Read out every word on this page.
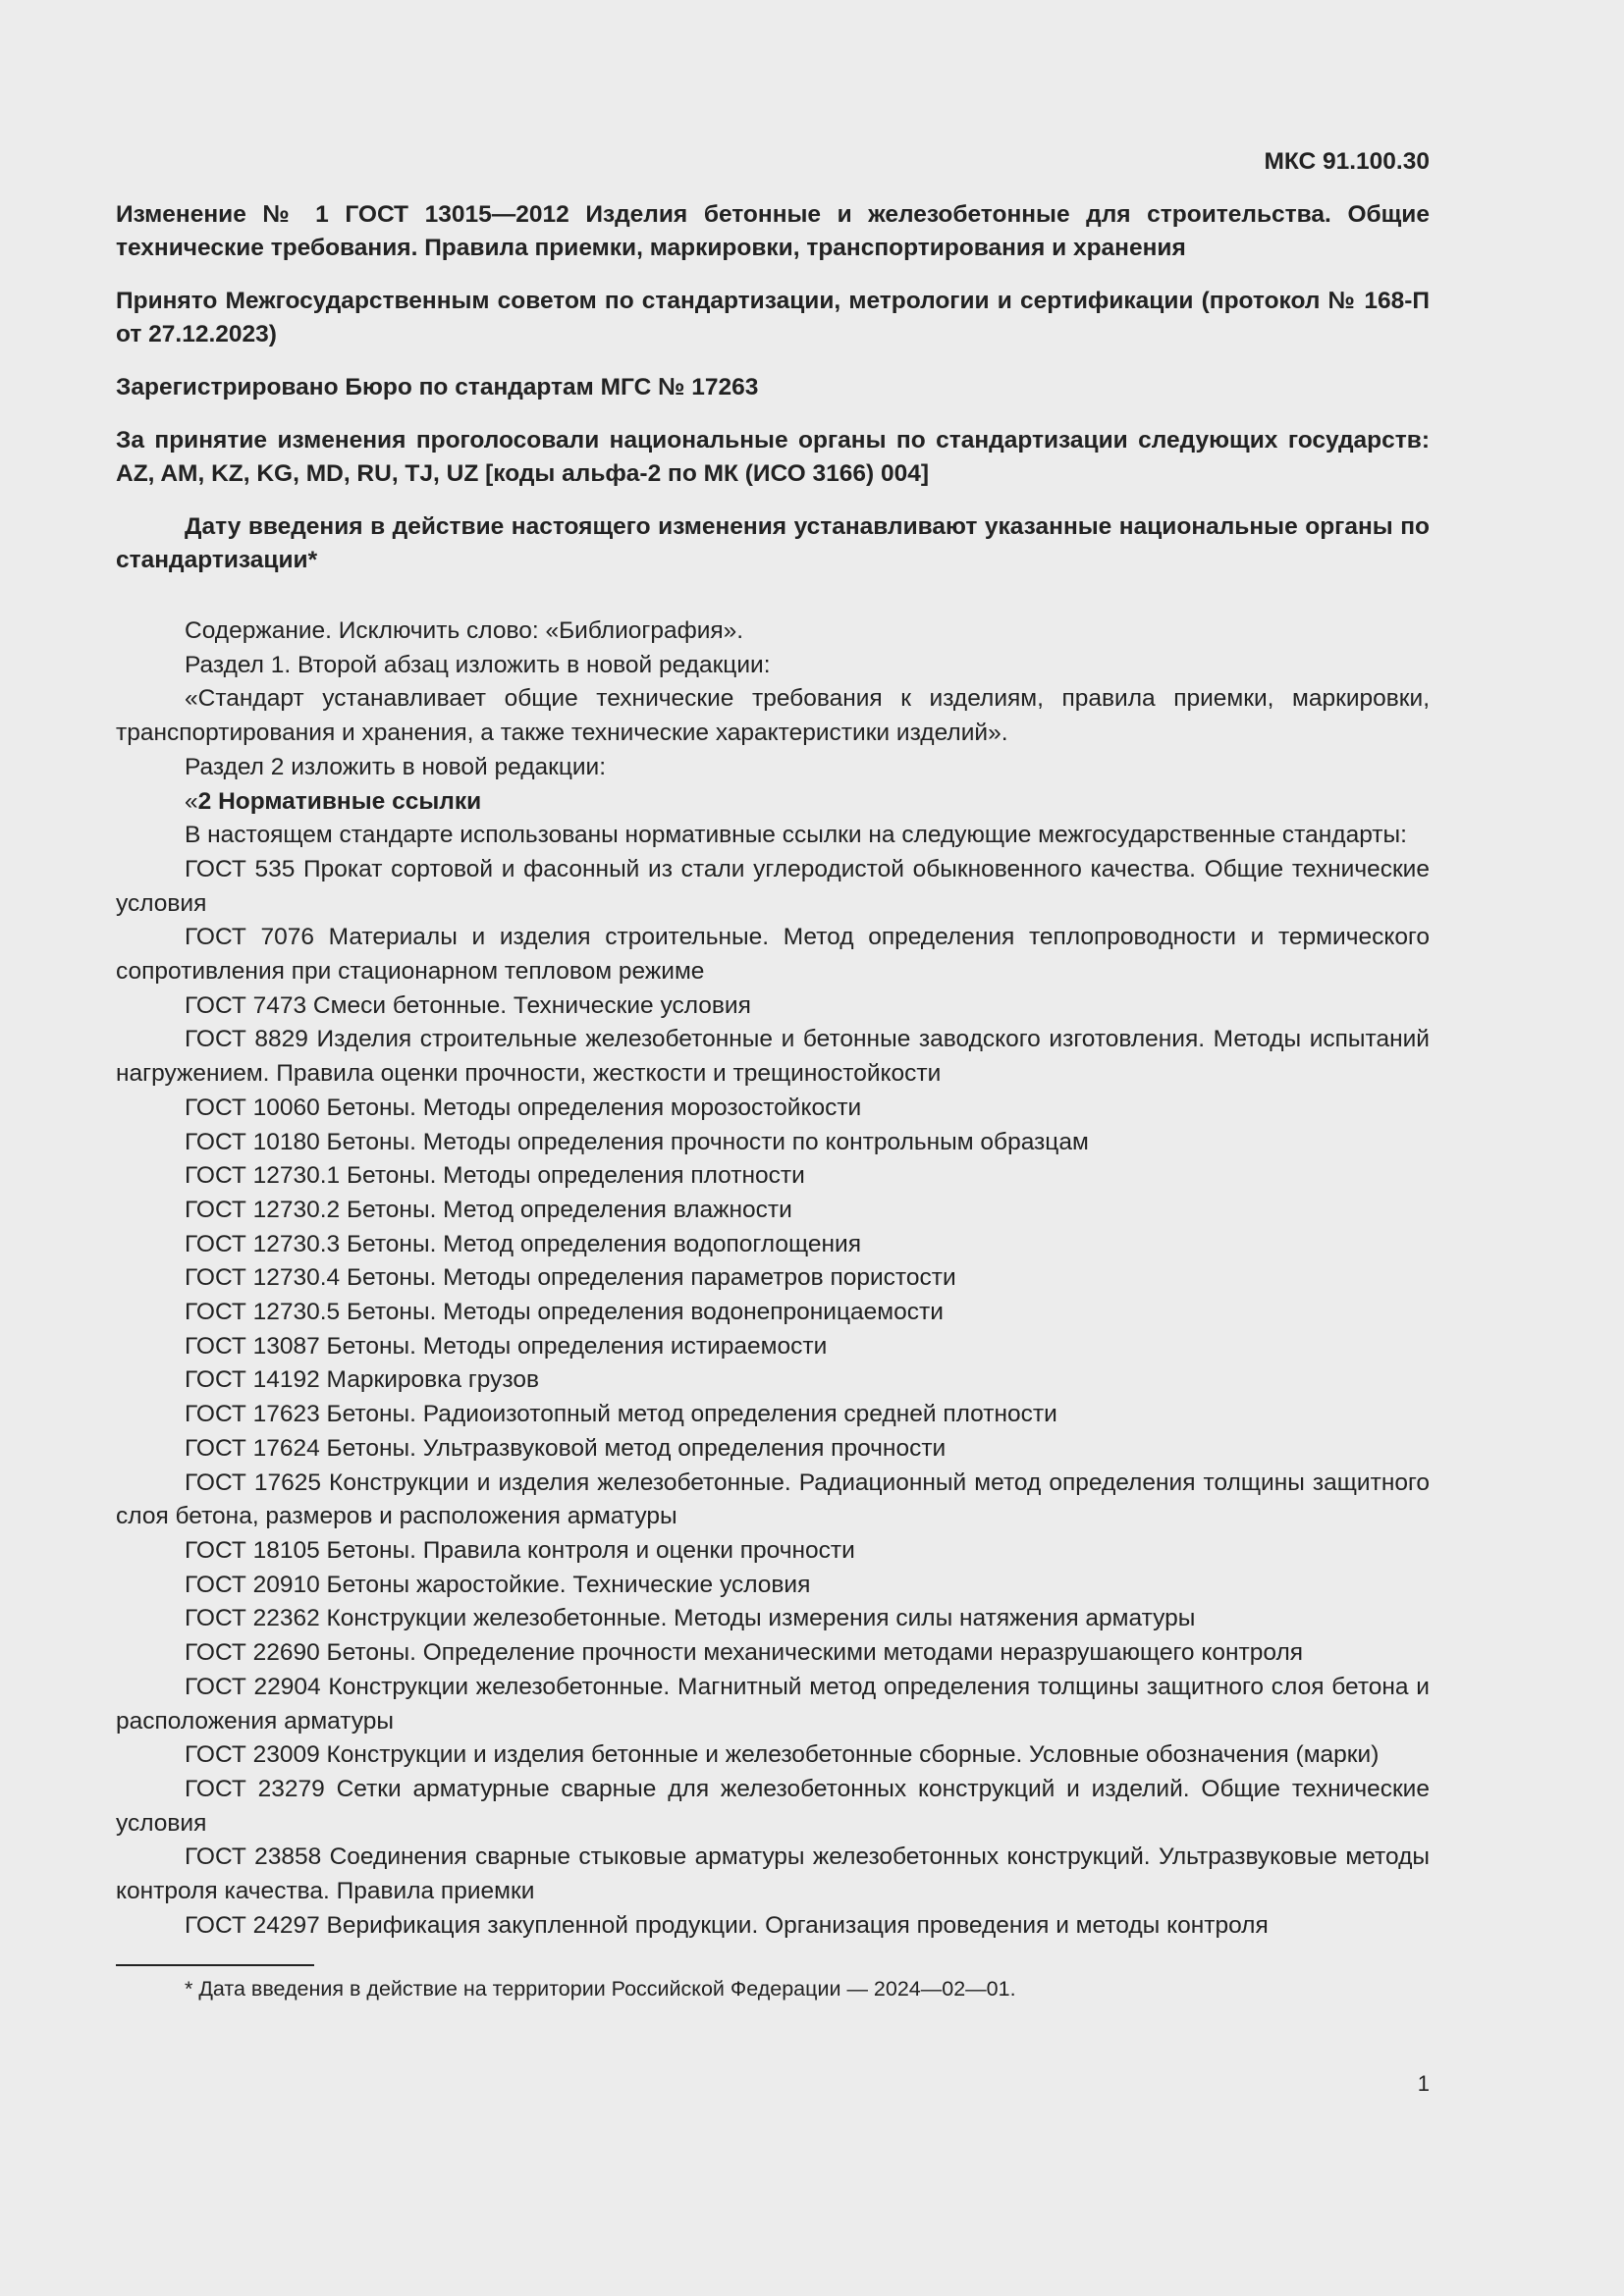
МКС 91.100.30
Изменение № 1 ГОСТ 13015—2012 Изделия бетонные и железобетонные для строительства. Общие технические требования. Правила приемки, маркировки, транспортирования и хранения
Принято Межгосударственным советом по стандартизации, метрологии и сертификации (протокол № 168-П от 27.12.2023)
Зарегистрировано Бюро по стандартам МГС № 17263
За принятие изменения проголосовали национальные органы по стандартизации следующих государств: AZ, AM, KZ, KG, MD, RU, TJ, UZ [коды альфа-2 по МК (ИСО 3166) 004]
Дату введения в действие настоящего изменения устанавливают указанные национальные органы по стандартизации*

Содержание. Исключить слово: «Библиография».

Раздел 1. Второй абзац изложить в новой редакции:

«Стандарт устанавливает общие технические требования к изделиям, правила приемки, маркировки, транспортирования и хранения, а также технические характеристики изделий».

Раздел 2 изложить в новой редакции:

«2 Нормативные ссылки

В настоящем стандарте использованы нормативные ссылки на следующие межгосударственные стандарты:

ГОСТ 535 Прокат сортовой и фасонный из стали углеродистой обыкновенного качества. Общие технические условия

ГОСТ 7076 Материалы и изделия строительные. Метод определения теплопроводности и термического сопротивления при стационарном тепловом режиме

ГОСТ 7473 Смеси бетонные. Технические условия

ГОСТ 8829 Изделия строительные железобетонные и бетонные заводского изготовления. Методы испытаний нагружением. Правила оценки прочности, жесткости и трещиностойкости

ГОСТ 10060 Бетоны. Методы определения морозостойкости

ГОСТ 10180 Бетоны. Методы определения прочности по контрольным образцам

ГОСТ 12730.1 Бетоны. Методы определения плотности

ГОСТ 12730.2 Бетоны. Метод определения влажности

ГОСТ 12730.3 Бетоны. Метод определения водопоглощения

ГОСТ 12730.4 Бетоны. Методы определения параметров пористости

ГОСТ 12730.5 Бетоны. Методы определения водонепроницаемости

ГОСТ 13087 Бетоны. Методы определения истираемости

ГОСТ 14192 Маркировка грузов

ГОСТ 17623 Бетоны. Радиоизотопный метод определения средней плотности

ГОСТ 17624 Бетоны. Ультразвуковой метод определения прочности

ГОСТ 17625 Конструкции и изделия железобетонные. Радиационный метод определения толщины защитного слоя бетона, размеров и расположения арматуры

ГОСТ 18105 Бетоны. Правила контроля и оценки прочности

ГОСТ 20910 Бетоны жаростойкие. Технические условия

ГОСТ 22362 Конструкции железобетонные. Методы измерения силы натяжения арматуры

ГОСТ 22690 Бетоны. Определение прочности механическими методами неразрушающего контроля

ГОСТ 22904 Конструкции железобетонные. Магнитный метод определения толщины защитного слоя бетона и расположения арматуры

ГОСТ 23009 Конструкции и изделия бетонные и железобетонные сборные. Условные обозначения (марки)

ГОСТ 23279 Сетки арматурные сварные для железобетонных конструкций и изделий. Общие технические условия

ГОСТ 23858 Соединения сварные стыковые арматуры железобетонных конструкций. Ультразвуковые методы контроля качества. Правила приемки

ГОСТ 24297 Верификация закупленной продукции. Организация проведения и методы контроля

* Дата введения в действие на территории Российской Федерации — 2024—02—01.

1
